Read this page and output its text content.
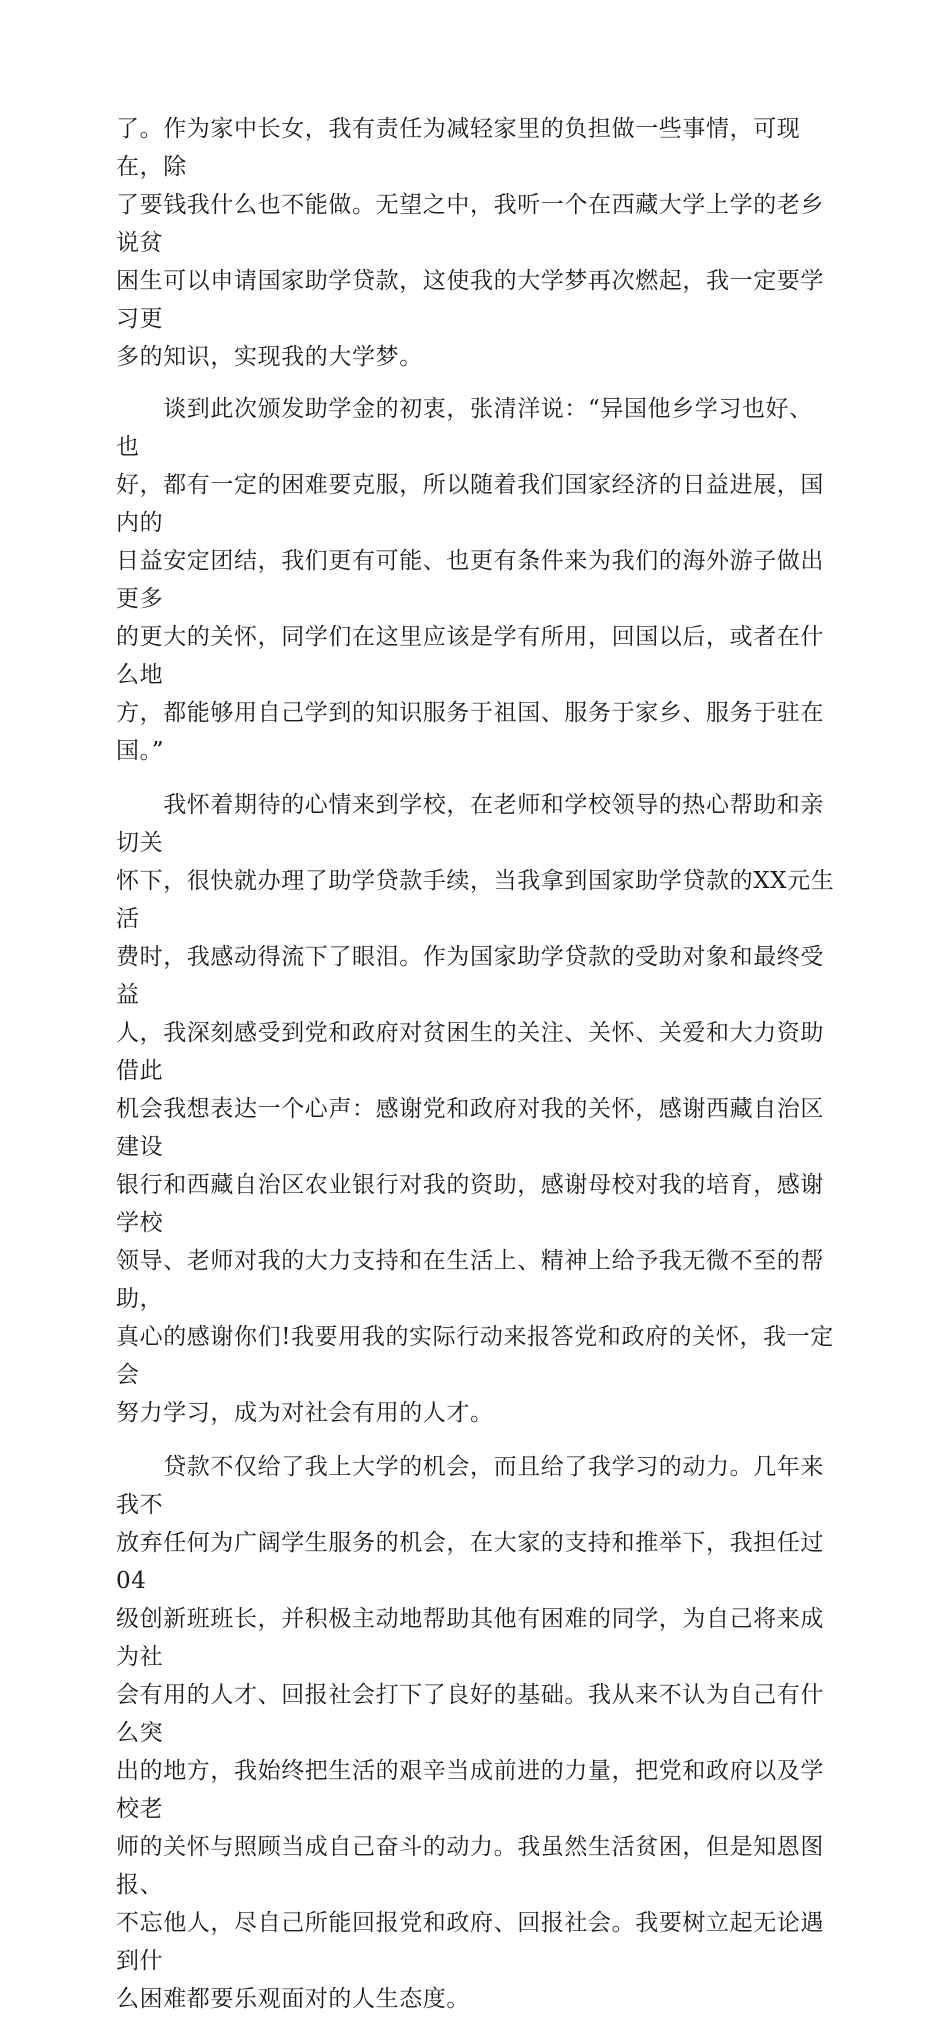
了。作为家中长女，我有责任为减轻家里的负担做一些事情，可现在，除
了要钱我什么也不能做。无望之中，我听一个在西藏大学上学的老乡说贫
困生可以申请国家助学贷款，这使我的大学梦再次燃起，我一定要学习更
多的知识，实现我的大学梦。

　　谈到此次颁发助学金的初衷，张清洋说：“异国他乡学习也好、也
好，都有一定的困难要克服，所以随着我们国家经济的日益进展，国内的
日益安定团结，我们更有可能、也更有条件来为我们的海外游子做出更多
的更大的关怀，同学们在这里应该是学有所用，回国以后，或者在什么地
方，都能够用自己学到的知识服务于祖国、服务于家乡、服务于驻在
国。”

　　我怀着期待的心情来到学校，在老师和学校领导的热心帮助和亲切关
怀下，很快就办理了助学贷款手续，当我拿到国家助学贷款的XX元生活
费时，我感动得流下了眼泪。作为国家助学贷款的受助对象和最终受益
人，我深刻感受到党和政府对贫困生的关注、关怀、关爱和大力资助借此
机会我想表达一个心声：感谢党和政府对我的关怀，感谢西藏自治区建设
银行和西藏自治区农业银行对我的资助，感谢母校对我的培育，感谢学校
领导、老师对我的大力支持和在生活上、精神上给予我无微不至的帮助，
真心的感谢你们!我要用我的实际行动来报答党和政府的关怀，我一定会
努力学习，成为对社会有用的人才。

　　贷款不仅给了我上大学的机会，而且给了我学习的动力。几年来我不
放弃任何为广阔学生服务的机会，在大家的支持和推举下，我担任过04
级创新班班长，并积极主动地帮助其他有困难的同学，为自己将来成为社
会有用的人才、回报社会打下了良好的基础。我从来不认为自己有什么突
出的地方，我始终把生活的艰辛当成前进的力量，把党和政府以及学校老
师的关怀与照顾当成自己奋斗的动力。我虽然生活贫困，但是知恩图报、
不忘他人，尽自己所能回报党和政府、回报社会。我要树立起无论遇到什
么困难都要乐观面对的人生态度。
